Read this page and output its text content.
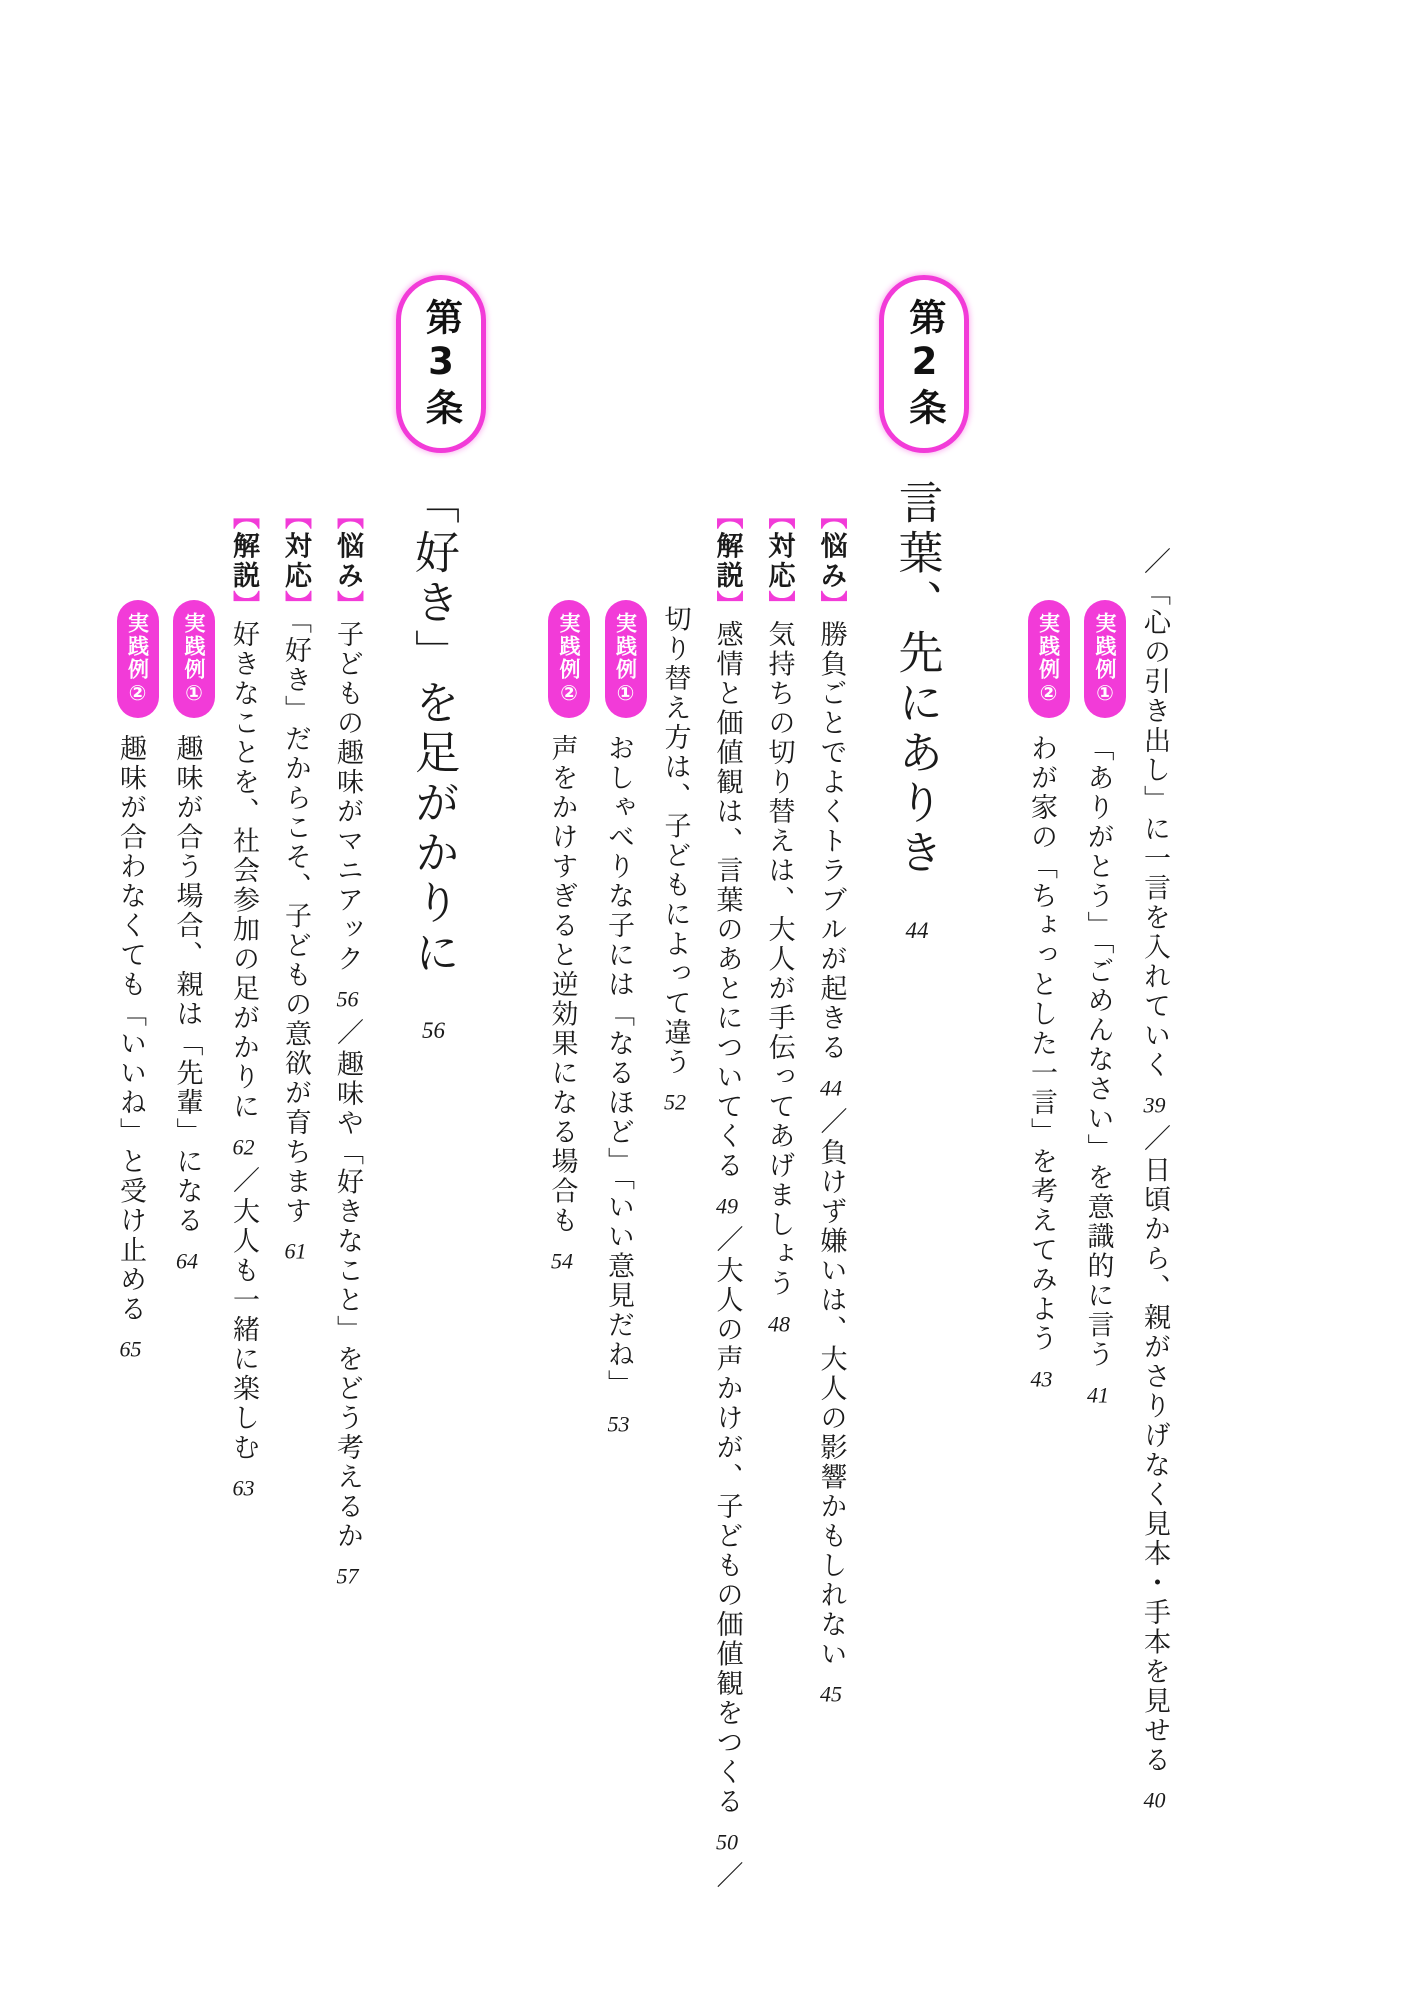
／「心の引き出し」に一言を入れていく39／日頃から、親がさりげなく見本・手本を見せる40
実践例①「ありがとう」「ごめんなさい」を意識的に言う41
実践例②わが家の「ちょっとした一言」を考えてみよう43
第2条言葉、先にありき44
【悩み】勝負ごとでよくトラブルが起きる44／負けず嫌いは、大人の影響かもしれない45
【対応】気持ちの切り替えは、大人が手伝ってあげましょう48
【解説】感情と価値観は、言葉のあとについてくる49／大人の声かけが、子どもの価値観をつくる50／
切り替え方は、子どもによって違う52
実践例①おしゃべりな子には「なるほど」「いい意見だね」53
実践例②声をかけすぎると逆効果になる場合も54
第3条「好き」を足がかりに56
【悩み】子どもの趣味がマニアック56／趣味や「好きなこと」をどう考えるか57
【対応】「好き」だからこそ、子どもの意欲が育ちます61
【解説】好きなことを、社会参加の足がかりに62／大人も一緒に楽しむ63
実践例①趣味が合う場合、親は「先輩」になる64
実践例②趣味が合わなくても「いいね」と受け止める65
